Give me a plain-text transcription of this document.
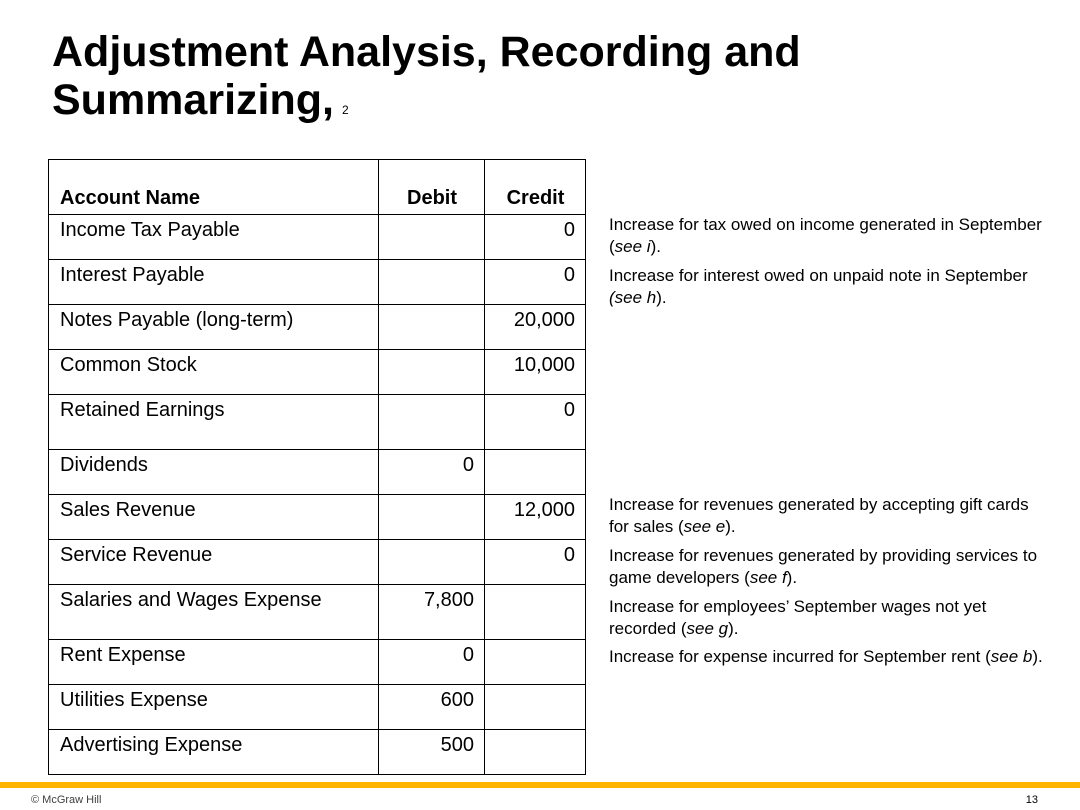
Adjustment Analysis, Recording and Summarizing, 2
Account Name	Debit	Credit
Income Tax Payable		0
Interest Payable		0
Notes Payable (long-term)		20,000
Common Stock		10,000
Retained Earnings		0
Dividends	0	
Sales Revenue		12,000
Service Revenue		0
Salaries and Wages Expense	7,800	
Rent Expense	0	
Utilities Expense	600	
Advertising Expense	500	
Increase for tax owed on income generated in September (see i).
Increase for interest owed on unpaid note in September (see h).
Increase for revenues generated by accepting gift cards for sales (see e).
Increase for revenues generated by providing services to game developers (see f).
Increase for employees’ September wages not yet recorded (see g).
Increase for expense incurred for September rent (see b).
© McGraw Hill	13
